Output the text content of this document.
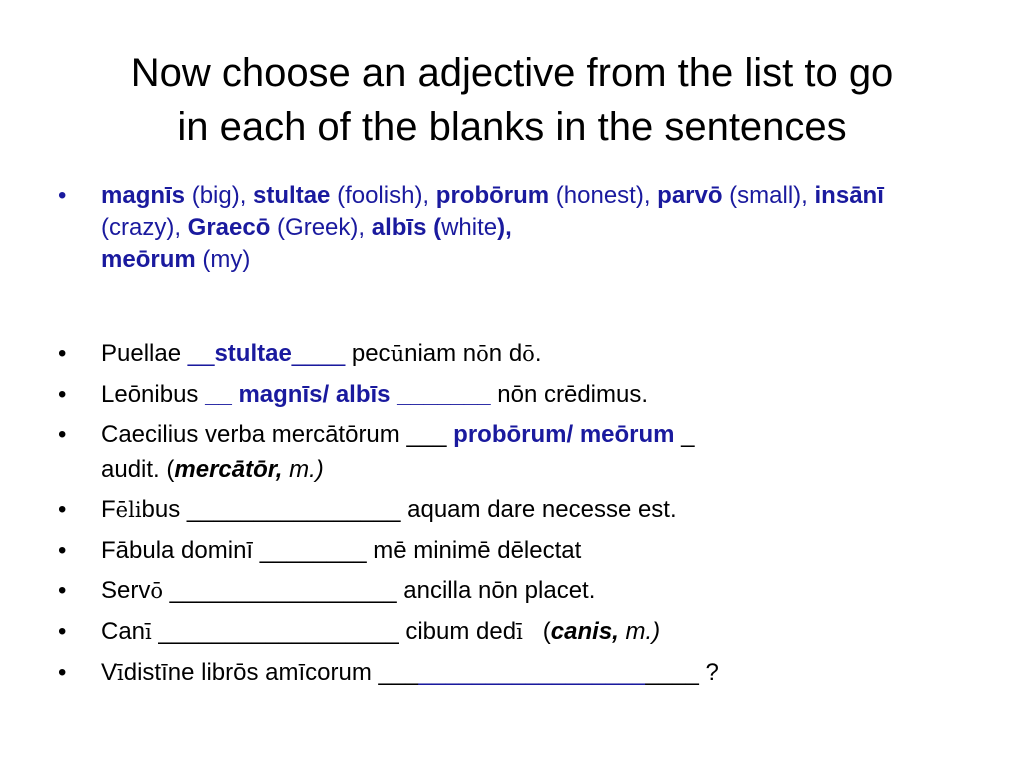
Now choose an adjective from the list to go
in each of the blanks in the sentences
• magnīs (big), stultae (foolish), probōrum (honest), parvō (small), insānī (crazy), Graecō (Greek), albīs (white),
meōrum (my)
• Puellae __stultae____ pecūniam nōn dō.
• Leōnibus __ magnīs/ albīs _______ nōn crēdimus.
• Caecilius verba mercātōrum ___ probōrum/ meōrum _
audit. (mercātōr, m.)
• Fēlibus ________________ aquam dare necesse est.
• Fābula dominī ________ mē minimē dēlectat
• Servō _________________ ancilla nōn placet.
• Canī __________________ cibum dedī   (canis, m.)
• Vīdistīne librōs amīcorum ________________________ ?
